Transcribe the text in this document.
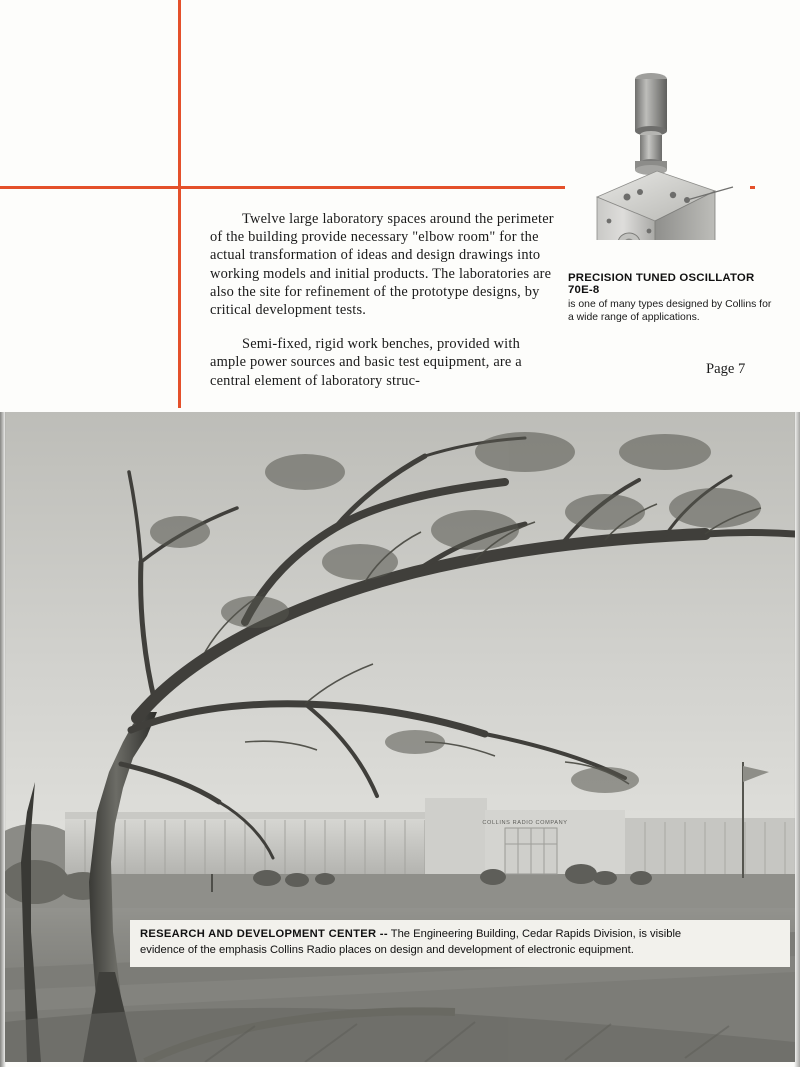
Twelve large laboratory spaces around the perimeter of the building provide necessary "elbow room" for the actual transformation of ideas and design drawings into working models and initial products. The laboratories are also the site for refinement of the prototype designs, by critical development tests.

Semi-fixed, rigid work benches, provided with ample power sources and basic test equipment, are a central element of laboratory struc-

PRECISION TUNED OSCILLATOR 70E-8
is one of many types designed by Collins for a wide range of applications.
Page 7
COLLINS RADIO COMPANY
RESEARCH AND DEVELOPMENT CENTER -- The Engineering Building, Cedar Rapids Division, is visible
evidence of the emphasis Collins Radio places on design and development of electronic equipment.
